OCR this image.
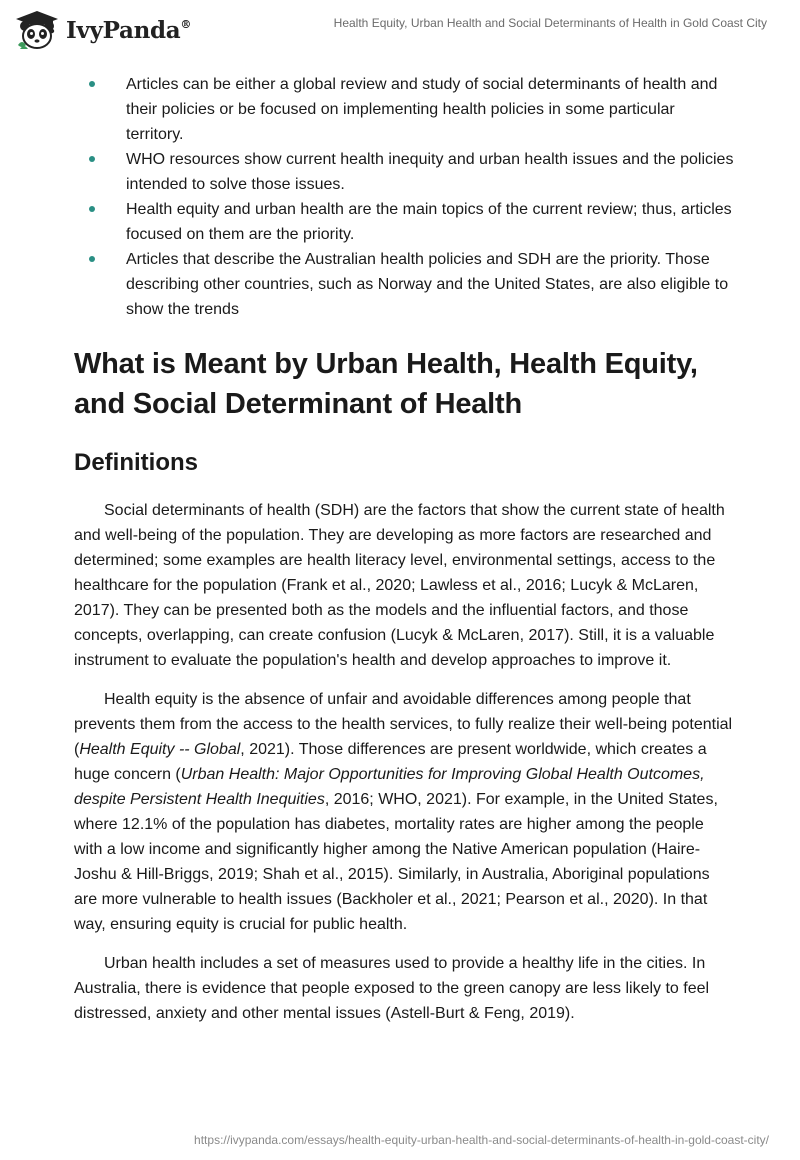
IvyPanda®	Health Equity, Urban Health and Social Determinants of Health in Gold Coast City
Articles can be either a global review and study of social determinants of health and their policies or be focused on implementing health policies in some particular territory.
WHO resources show current health inequity and urban health issues and the policies intended to solve those issues.
Health equity and urban health are the main topics of the current review; thus, articles focused on them are the priority.
Articles that describe the Australian health policies and SDH are the priority. Those describing other countries, such as Norway and the United States, are also eligible to show the trends
What is Meant by Urban Health, Health Equity, and Social Determinant of Health
Definitions

Social determinants of health (SDH) are the factors that show the current state of health and well-being of the population. They are developing as more factors are researched and determined; some examples are health literacy level, environmental settings, access to the healthcare for the population (Frank et al., 2020; Lawless et al., 2016; Lucyk & McLaren, 2017). They can be presented both as the models and the influential factors, and those concepts, overlapping, can create confusion (Lucyk & McLaren, 2017). Still, it is a valuable instrument to evaluate the population's health and develop approaches to improve it.

Health equity is the absence of unfair and avoidable differences among people that prevents them from the access to the health services, to fully realize their well-being potential (Health Equity -- Global, 2021). Those differences are present worldwide, which creates a huge concern (Urban Health: Major Opportunities for Improving Global Health Outcomes, despite Persistent Health Inequities, 2016; WHO, 2021). For example, in the United States, where 12.1% of the population has diabetes, mortality rates are higher among the people with a low income and significantly higher among the Native American population (Haire-Joshu & Hill-Briggs, 2019; Shah et al., 2015). Similarly, in Australia, Aboriginal populations are more vulnerable to health issues (Backholer et al., 2021; Pearson et al., 2020). In that way, ensuring equity is crucial for public health.

Urban health includes a set of measures used to provide a healthy life in the cities. In Australia, there is evidence that people exposed to the green canopy are less likely to feel distressed, anxiety and other mental issues (Astell-Burt & Feng, 2019).

https://ivypanda.com/essays/health-equity-urban-health-and-social-determinants-of-health-in-gold-coast-city/
